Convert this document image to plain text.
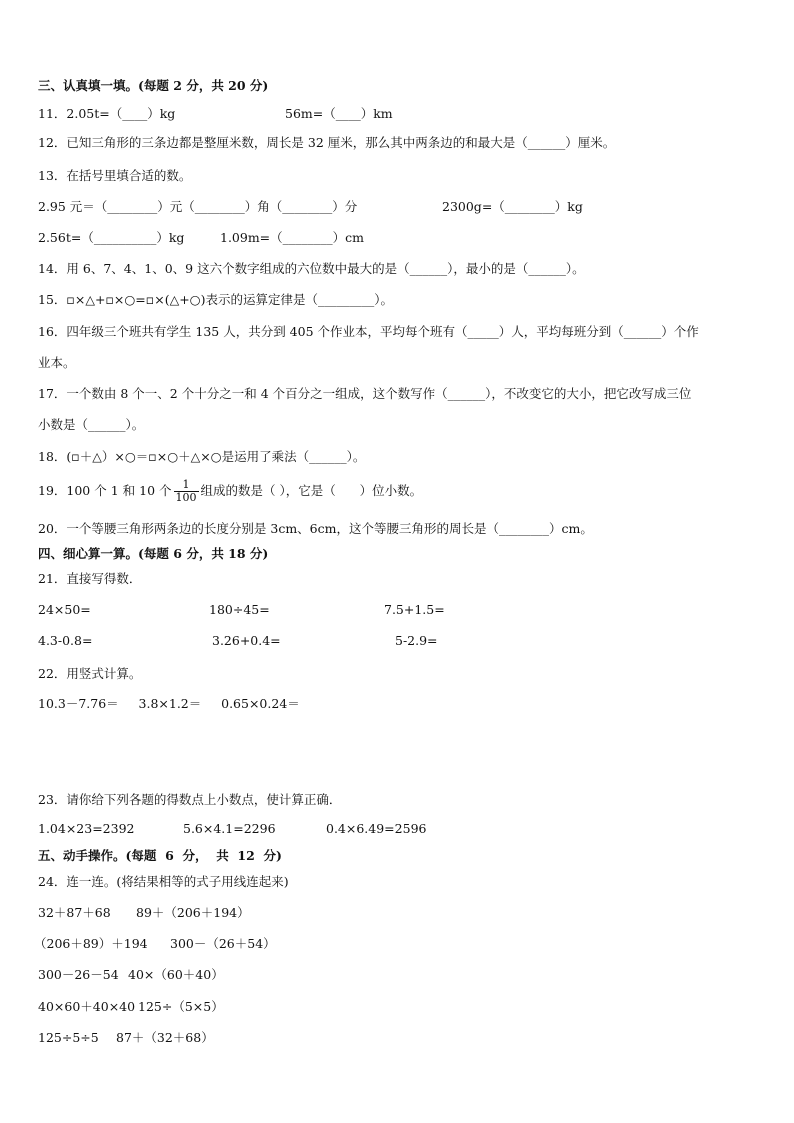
三、认真填一填。(每题 2 分，共 20 分)
11．2.05t=（____）kg	56m=（____）km
12．已知三角形的三条边都是整厘米数，周长是 32 厘米，那么其中两条边的和最大是（______）厘米。
13．在括号里填合适的数。
2.95 元＝（________）元（________）角（________）分	2300g=（________）kg
2.56t=（__________）kg	1.09m=（________）cm
14．用 6、7、4、1、0、9 这六个数字组成的六位数中最大的是（______），最小的是（______）。
15．▫×△+▫×○=▫×(△+○)表示的运算定律是（_________）。
16．四年级三个班共有学生 135 人，共分到 405 个作业本，平均每个班有（_____）人，平均每班分到（______）个作
业本。
17．一个数由 8 个一、2 个十分之一和 4 个百分之一组成，这个数写作（______），不改变它的大小，把它改写成三位
小数是（______）。
18．(▫＋△）×○＝▫×○＋△×○是运用了乘法（______）。
19．100 个 1 和 10 个 $\frac{1}{100}$ 组成的数是（ ），它是（      ）位小数。
20．一个等腰三角形两条边的长度分别是 3cm、6cm，这个等腰三角形的周长是（________）cm。
四、细心算一算。(每题 6 分，共 18 分)
21．直接写得数．
24×50=	180÷45=	7.5+1.5=
4.3-0.8=	3.26+0.4=	5-2.9=
22．用竖式计算。
10.3－7.76＝     3.8×1.2＝     0.65×0.24＝
23．请你给下列各题的得数点上小数点，使计算正确．
1.04×23=2392	5.6×4.1=2296	0.4×6.49=2596
五、动手操作。(每题  6  分，  共  12  分)
24．连一连。(将结果相等的式子用线连起来)
32＋87＋68 89＋（206＋194）
（206＋89）＋194 300－（26＋54）
300－26－54 40×（60＋40）
40×60＋40×40 125÷（5×5）
125÷5÷5 87＋（32＋68）
